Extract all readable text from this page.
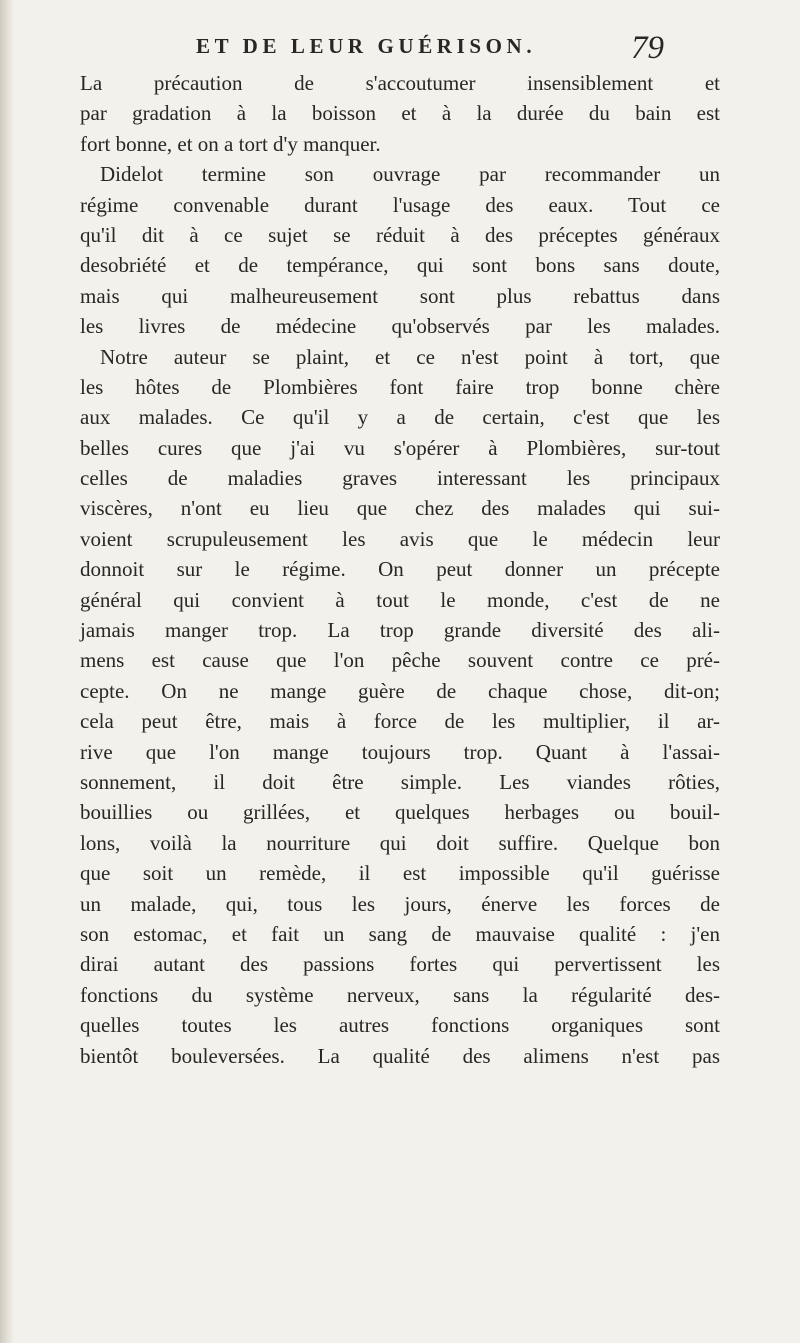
ET DE LEUR GUÉRISON.	79
La précaution de s'accoutumer insensiblement et
par gradation à la boisson et à la durée du bain est
fort bonne, et on a tort d'y manquer.
Didelot termine son ouvrage par recommander un
régime convenable durant l'usage des eaux. Tout ce
qu'il dit à ce sujet se réduit à des préceptes généraux
desobriété et de tempérance, qui sont bons sans doute,
mais qui malheureusement sont plus rebattus dans
les livres de médecine qu'observés par les malades.
Notre auteur se plaint, et ce n'est point à tort, que
les hôtes de Plombières font faire trop bonne chère
aux malades. Ce qu'il y a de certain, c'est que les
belles cures que j'ai vu s'opérer à Plombières, sur-tout
celles de maladies graves interessant les principaux
viscères, n'ont eu lieu que chez des malades qui sui-
voient scrupuleusement les avis que le médecin leur
donnoit sur le régime. On peut donner un précepte
général qui convient à tout le monde, c'est de ne
jamais manger trop. La trop grande diversité des ali-
mens est cause que l'on pêche souvent contre ce pré-
cepte. On ne mange guère de chaque chose, dit-on;
cela peut être, mais à force de les multiplier, il ar-
rive que l'on mange toujours trop. Quant à l'assai-
sonnement, il doit être simple. Les viandes rôties,
bouillies ou grillées, et quelques herbages ou bouil-
lons, voilà la nourriture qui doit suffire. Quelque bon
que soit un remède, il est impossible qu'il guérisse
un malade, qui, tous les jours, énerve les forces de
son estomac, et fait un sang de mauvaise qualité : j'en
dirai autant des passions fortes qui pervertissent les
fonctions du système nerveux, sans la régularité des-
quelles toutes les autres fonctions organiques sont
bientôt bouleversées. La qualité des alimens n'est pas
